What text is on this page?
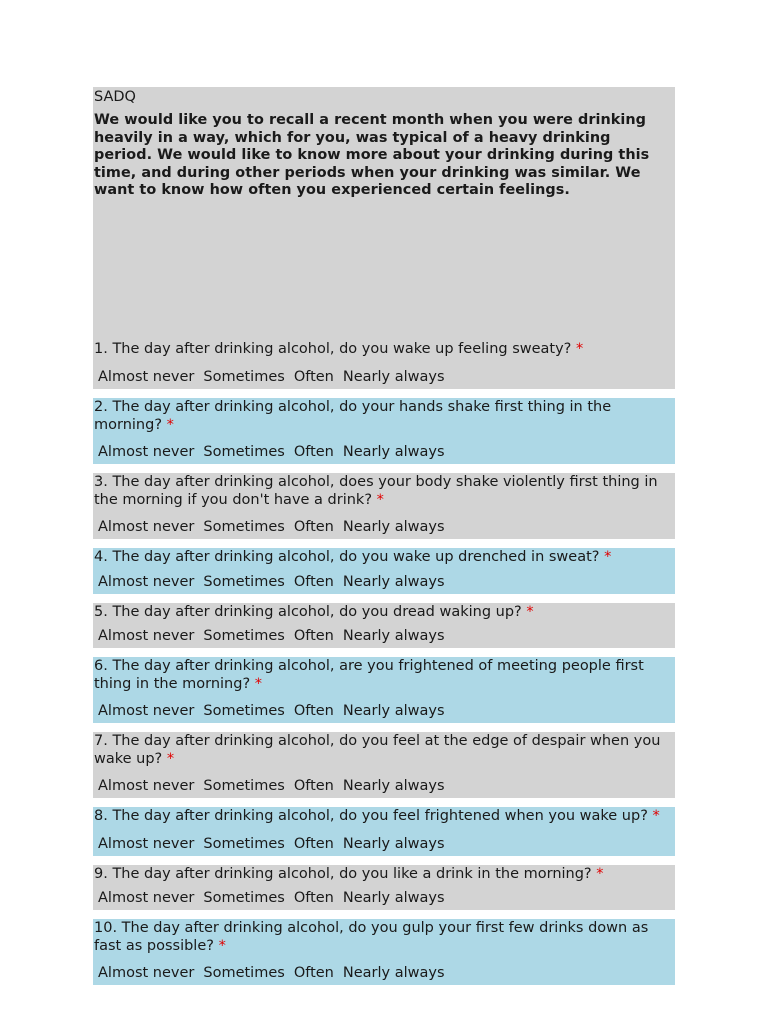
SADQ

We would like you to recall a recent month when you were drinking heavily in a way, which for you, was typical of a heavy drinking period. We would like to know more about your drinking during this time, and during other periods when your drinking was similar. We want to know how often you experienced certain feelings.

1. The day after drinking alcohol, do you wake up feeling sweaty? *

Almost never Sometimes Often Nearly always

2. The day after drinking alcohol, do your hands shake first thing in the morning? *

Almost never Sometimes Often Nearly always

3. The day after drinking alcohol, does your body shake violently first thing in the morning if you don't have a drink? *

Almost never Sometimes Often Nearly always

4. The day after drinking alcohol, do you wake up drenched in sweat? *

Almost never Sometimes Often Nearly always

5. The day after drinking alcohol, do you dread waking up? *

Almost never Sometimes Often Nearly always

6. The day after drinking alcohol, are you frightened of meeting people first thing in the morning? *

Almost never Sometimes Often Nearly always

7. The day after drinking alcohol, do you feel at the edge of despair when you wake up? *

Almost never Sometimes Often Nearly always

8. The day after drinking alcohol, do you feel frightened when you wake up? *

Almost never Sometimes Often Nearly always

9. The day after drinking alcohol, do you like a drink in the morning? *

Almost never Sometimes Often Nearly always

10. The day after drinking alcohol, do you gulp your first few drinks down as fast as possible? *

Almost never Sometimes Often Nearly always
